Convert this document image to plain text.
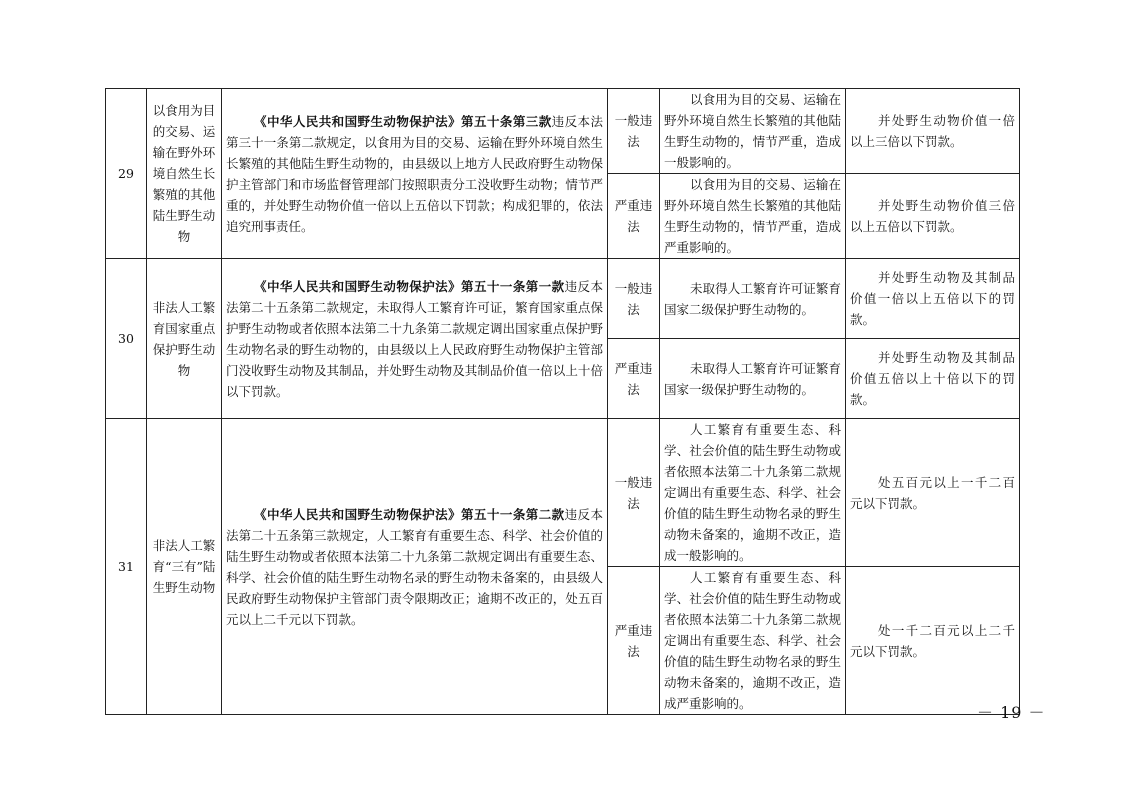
29	以食用为目的交易、运输在野外环境自然生长繁殖的其他陆生野生动物	《中华人民共和国野生动物保护法》第五十条第三款违反本法第三十一条第二款规定，以食用为目的交易、运输在野外环境自然生长繁殖的其他陆生野生动物的，由县级以上地方人民政府野生动物保护主管部门和市场监督管理部门按照职责分工没收野生动物；情节严重的，并处野生动物价值一倍以上五倍以下罚款；构成犯罪的，依法追究刑事责任。	一般违法	以食用为目的交易、运输在野外环境自然生长繁殖的其他陆生野生动物的，情节严重，造成一般影响的。	并处野生动物价值一倍以上三倍以下罚款。
			严重违法	以食用为目的交易、运输在野外环境自然生长繁殖的其他陆生野生动物的，情节严重，造成严重影响的。	并处野生动物价值三倍以上五倍以下罚款。
30	非法人工繁育国家重点保护野生动物	《中华人民共和国野生动物保护法》第五十一条第一款违反本法第二十五条第二款规定，未取得人工繁育许可证，繁育国家重点保护野生动物或者依照本法第二十九条第二款规定调出国家重点保护野生动物名录的野生动物的，由县级以上人民政府野生动物保护主管部门没收野生动物及其制品，并处野生动物及其制品价值一倍以上十倍以下罚款。	一般违法	未取得人工繁育许可证繁育国家二级保护野生动物的。	并处野生动物及其制品价值一倍以上五倍以下的罚款。
			严重违法	未取得人工繁育许可证繁育国家一级保护野生动物的。	并处野生动物及其制品价值五倍以上十倍以下的罚款。
31	非法人工繁育“三有”陆生野生动物	《中华人民共和国野生动物保护法》第五十一条第二款违反本法第二十五条第三款规定，人工繁育有重要生态、科学、社会价值的陆生野生动物或者依照本法第二十九条第二款规定调出有重要生态、科学、社会价值的陆生野生动物名录的野生动物未备案的，由县级人民政府野生动物保护主管部门责令限期改正；逾期不改正的，处五百元以上二千元以下罚款。	一般违法	人工繁育有重要生态、科学、社会价值的陆生野生动物或者依照本法第二十九条第二款规定调出有重要生态、科学、社会价值的陆生野生动物名录的野生动物未备案的，逾期不改正，造成一般影响的。	处五百元以上一千二百元以下罚款。
			严重违法	人工繁育有重要生态、科学、社会价值的陆生野生动物或者依照本法第二十九条第二款规定调出有重要生态、科学、社会价值的陆生野生动物名录的野生动物未备案的，逾期不改正，造成严重影响的。	处一千二百元以上二千元以下罚款。
－ 19 －
